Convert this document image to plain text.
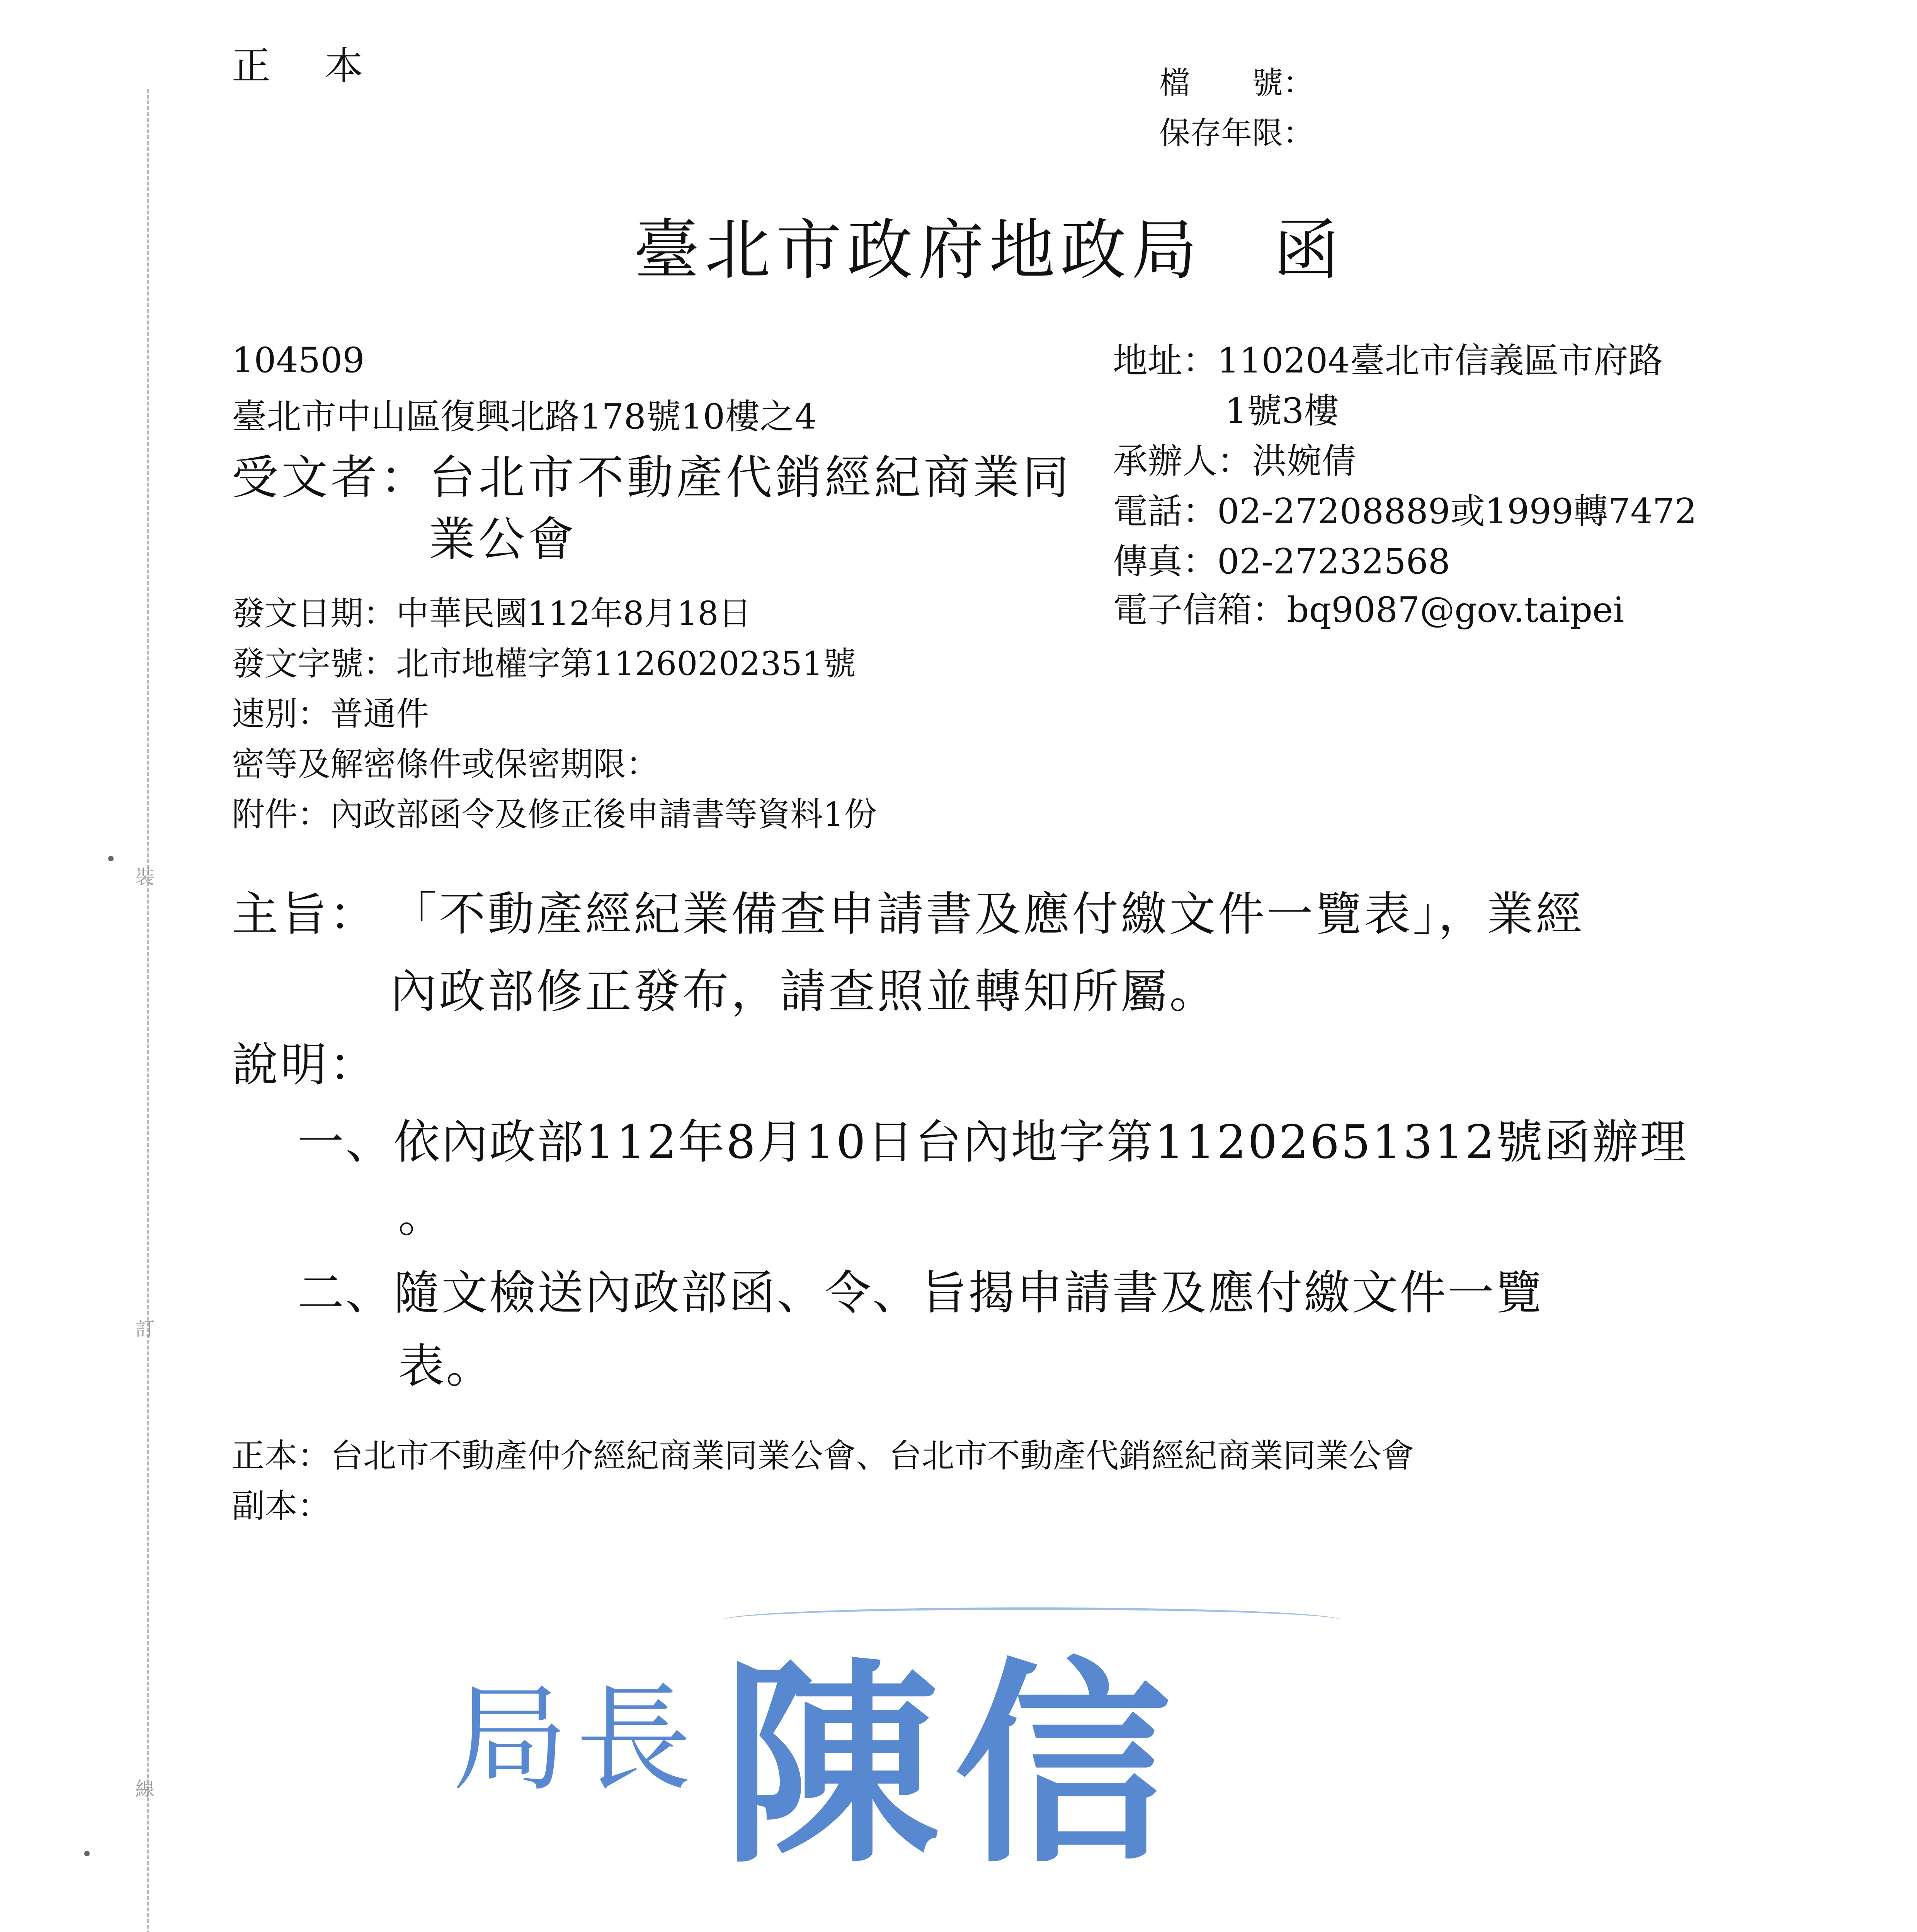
裝
訂
線
正　本	檔　　號：
保存年限：
臺北市政府地政局　函
104509
臺北市中山區復興北路178號10樓之4
受文者：
台北市不動產代銷經紀商業同
業公會
地址：110204臺北市信義區市府路
1號3樓
承辦人：洪婉倩
電話：02-27208889或1999轉7472
傳真：02-27232568
電子信箱：bq9087@gov.taipei
發文日期：中華民國112年8月18日
發文字號：北市地權字第11260202351號
速別：普通件
密等及解密條件或保密期限：
附件：內政部函令及修正後申請書等資料1份
主旨： 「不動產經紀業備查申請書及應付繳文件一覽表」，業經
內政部修正發布，請查照並轉知所屬。
說明：
一、依內政部112年8月10日台內地字第11202651312號函辦理
。
二、隨文檢送內政部函、令、旨揭申請書及應付繳文件一覽
表。
正本：台北市不動產仲介經紀商業同業公會、台北市不動產代銷經紀商業同業公會
副本：
局長 陳信
